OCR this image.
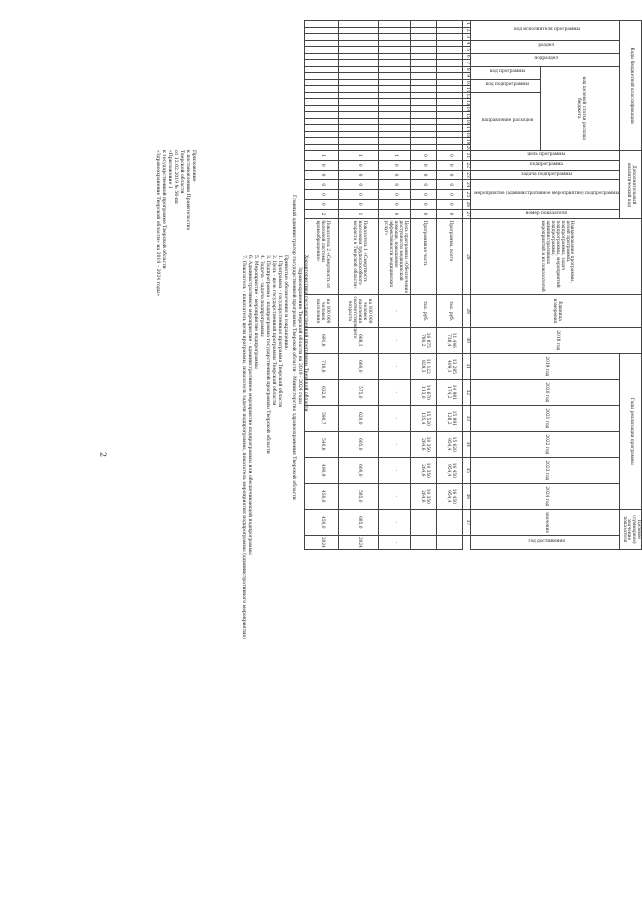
2
«Здравоохранение Тверской области» на 2019 – 2024 годы» к государственной программе Тверской области «Приложение 1 от 12.02.2019 № 56-пп Тверской области к постановлению Правительства Приложение
Характеристика государственной программы Тверской области
Здравоохранение Тверской области на 2019 - 2024 годы
Главный администратор государственной программы Тверской области - Министерство здравоохранения Тверской области
Принятые обозначения и сокращения:
1. Программа - государственная программа Тверской области
2. Цель - цель государственной программы Тверской области
3. Подпрограмма - подпрограмма государственной программы Тверской области
4. Задача - задача подпрограммы
5. Мероприятие - мероприятие подпрограммы
6. Административное мероприятие - административное мероприятие подпрограммы или обеспечивающей подпрограммы
7. Показатель - показатель цели программы, показатель задачи подпрограммы, показатель мероприятия подпрограммы (административного мероприятия)
Коды бюджетной классификации																				Дополнительный аналитический код							Наименование программы, целей программы, подпрограммы, задач подпрограммы, мероприятий подпрограммы, административных мероприятий и их показателей	Единица измерения	2018 год	Годы реализации программы						Целевое (суммарное) значение показателя	
код исполнителя программы			раздел		подраздел		код целевой статьи расхода бюджета													цель программы	подпрограмма	задача подпрограммы	мероприятие (административное мероприятие) подпрограммы			номер показателя				2019 год	2020 год	2021 год	2022 год	2023 год	2024 год	значение	год достижения
							код программы		код подпрограммы		направление расходов																										
1	2	3	4	5	6	7	8	9	10	11	12	13	14	15	16	17	18	19	20	21	22	23	24	25	26	27	28	29	30	31	32	33	34	35	36	37	
																				0	0	0	0	0	0	0	Программа, всего	тыс. руб.	11 446 738,4	13 285 409,1	14 981 174,2	15 891 128,2	15 620 954,4	16 450 954,4	16 450 954,4		
																				0	0	0	0	0	0	0	Программная часть	тыс. руб.	10 875 780,2	11 122 829,3	14 670 113,0	15 520 135,4	10 350 264,6	10 350 264,6	10 350 264,6		
																				1	0	0	0	0	0	0	Цель программы «Обеспечение доступности медицинской помощи, повышение эффективности медицинских услуг»	-	-	-	-	-	-	-	-	-	-
																				1	0	0	0	0	0	1	Показатель 1 «Смертность населения трудоспособного возраста в Тверской области»	на 100 000 человек населения соответствующего возраста	668,1	660,0	575,0	620,0	605,0	600,0	585,0	685,0	2024
																				1	0	0	0	0	0	2	Показатель 2 «Смертность от болезней системы кровообращения»	на 100 000 человек населения	691,6	716,6	632,6	590,7	540,6	490,9	450,0	450,0	2024
